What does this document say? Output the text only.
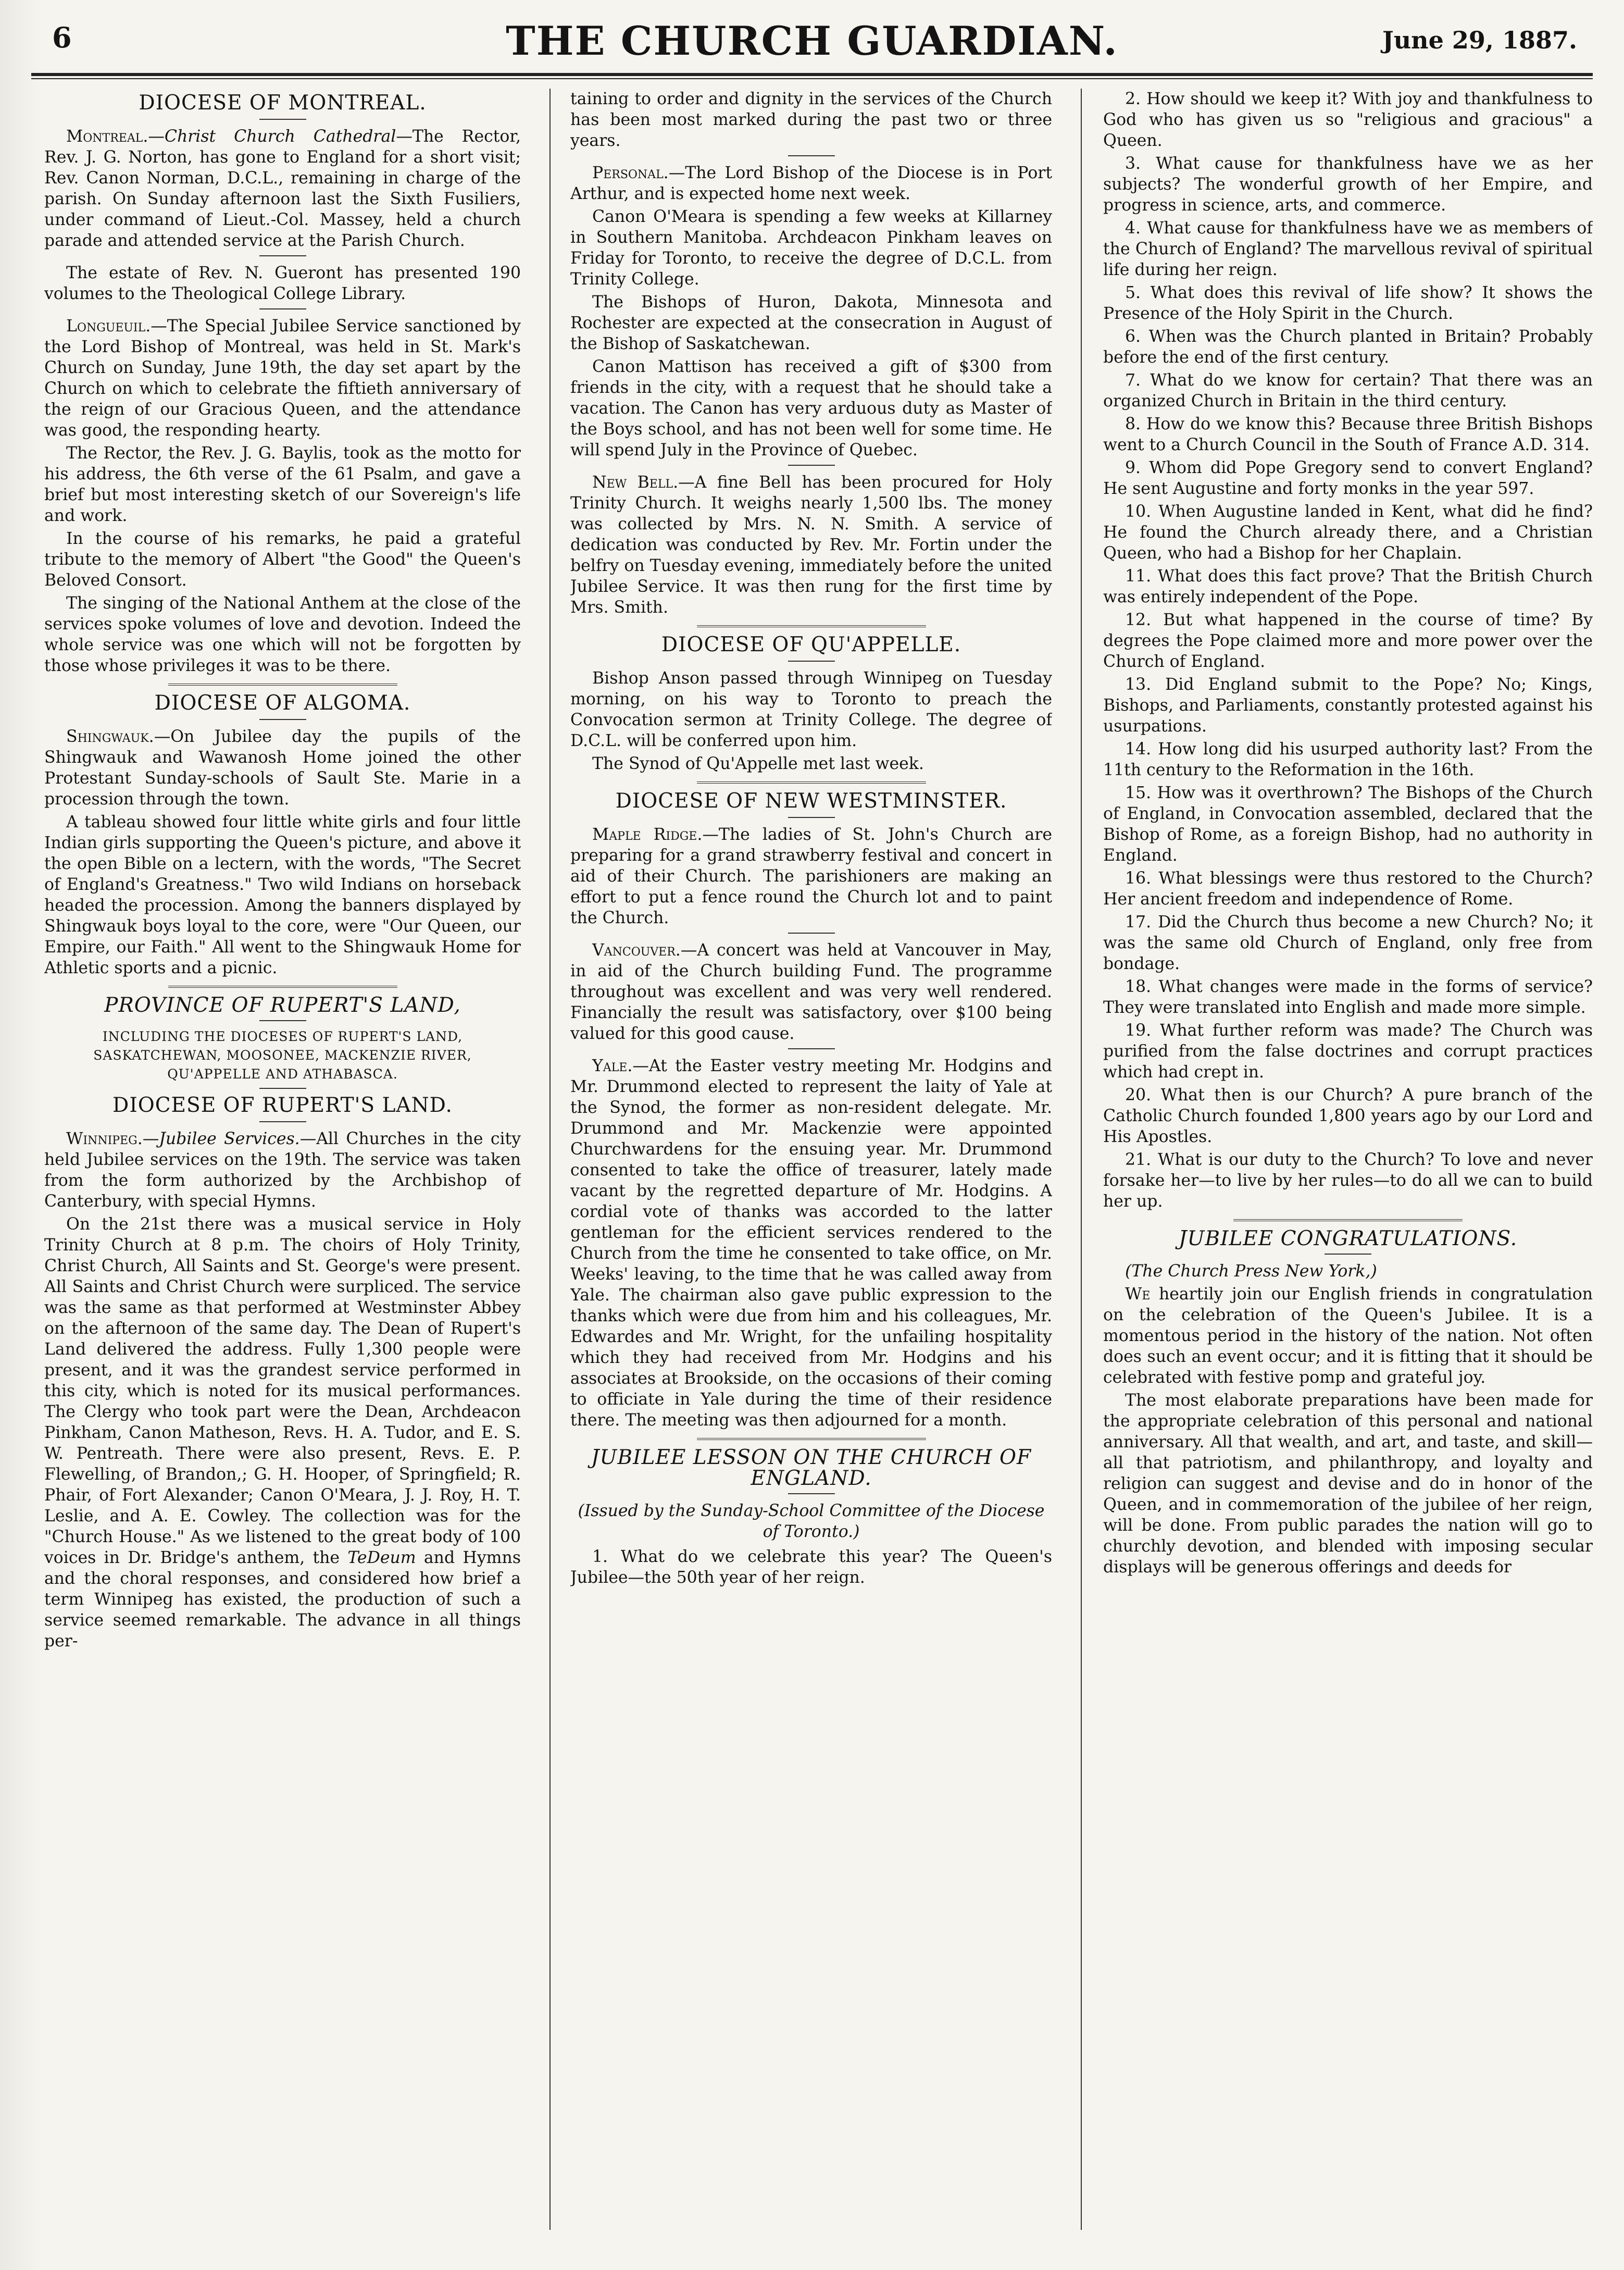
6	THE CHURCH GUARDIAN.	June 29, 1887.
DIOCESE OF MONTREAL.

Montreal.—Christ Church Cathedral—The Rector, Rev. J. G. Norton, has gone to England for a short visit; Rev. Canon Norman, D.C.L., remaining in charge of the parish. On Sunday afternoon last the Sixth Fusiliers, under command of Lieut.-Col. Massey, held a church parade and attended service at the Parish Church.

The estate of Rev. N. Gueront has presented 190 volumes to the Theological College Library.

Longueuil.—The Special Jubilee Service sanctioned by the Lord Bishop of Montreal, was held in St. Mark's Church on Sunday, June 19th, the day set apart by the Church on which to celebrate the fiftieth anniversary of the reign of our Gracious Queen, and the attendance was good, the responding hearty.

The Rector, the Rev. J. G. Baylis, took as the motto for his address, the 6th verse of the 61 Psalm, and gave a brief but most interesting sketch of our Sovereign's life and work.

In the course of his remarks, he paid a grateful tribute to the memory of Albert "the Good" the Queen's Beloved Consort.

The singing of the National Anthem at the close of the services spoke volumes of love and devotion. Indeed the whole service was one which will not be forgotten by those whose privileges it was to be there.

DIOCESE OF ALGOMA.

Shingwauk.—On Jubilee day the pupils of the Shingwauk and Wawanosh Home joined the other Protestant Sunday-schools of Sault Ste. Marie in a procession through the town.

A tableau showed four little white girls and four little Indian girls supporting the Queen's picture, and above it the open Bible on a lectern, with the words, "The Secret of England's Greatness." Two wild Indians on horseback headed the procession. Among the banners displayed by Shingwauk boys loyal to the core, were "Our Queen, our Empire, our Faith." All went to the Shingwauk Home for Athletic sports and a picnic.

PROVINCE OF RUPERT'S LAND,
INCLUDING THE DIOCESES OF RUPERT'S LAND, SASKATCHEWAN, MOOSONEE, MACKENZIE RIVER, QU'APPELLE AND ATHABASCA.
DIOCESE OF RUPERT'S LAND.

Winnipeg.—Jubilee Services.—All Churches in the city held Jubilee services on the 19th. The service was taken from the form authorized by the Archbishop of Canterbury, with special Hymns.

On the 21st there was a musical service in Holy Trinity Church at 8 p.m. The choirs of Holy Trinity, Christ Church, All Saints and St. George's were present. All Saints and Christ Church were surpliced. The service was the same as that performed at Westminster Abbey on the afternoon of the same day. The Dean of Rupert's Land delivered the address. Fully 1,300 people were present, and it was the grandest service performed in this city, which is noted for its musical performances. The Clergy who took part were the Dean, Archdeacon Pinkham, Canon Matheson, Revs. H. A. Tudor, and E. S. W. Pentreath. There were also present, Revs. E. P. Flewelling, of Brandon,; G. H. Hooper, of Springfield; R. Phair, of Fort Alexander; Canon O'Meara, J. J. Roy, H. T. Leslie, and A. E. Cowley. The collection was for the "Church House." As we listened to the great body of 100 voices in Dr. Bridge's anthem, the TeDeum and Hymns and the choral responses, and considered how brief a term Winnipeg has existed, the production of such a service seemed remarkable. The advance in all things per-

taining to order and dignity in the services of the Church has been most marked during the past two or three years.

Personal.—The Lord Bishop of the Diocese is in Port Arthur, and is expected home next week.

Canon O'Meara is spending a few weeks at Killarney in Southern Manitoba. Archdeacon Pinkham leaves on Friday for Toronto, to receive the degree of D.C.L. from Trinity College.

The Bishops of Huron, Dakota, Minnesota and Rochester are expected at the consecration in August of the Bishop of Saskatchewan.

Canon Mattison has received a gift of $300 from friends in the city, with a request that he should take a vacation. The Canon has very arduous duty as Master of the Boys school, and has not been well for some time. He will spend July in the Province of Quebec.

New Bell.—A fine Bell has been procured for Holy Trinity Church. It weighs nearly 1,500 lbs. The money was collected by Mrs. N. N. Smith. A service of dedication was conducted by Rev. Mr. Fortin under the belfry on Tuesday evening, immediately before the united Jubilee Service. It was then rung for the first time by Mrs. Smith.

DIOCESE OF QU'APPELLE.

Bishop Anson passed through Winnipeg on Tuesday morning, on his way to Toronto to preach the Convocation sermon at Trinity College. The degree of D.C.L. will be conferred upon him.

The Synod of Qu'Appelle met last week.

DIOCESE OF NEW WESTMINSTER.

Maple Ridge.—The ladies of St. John's Church are preparing for a grand strawberry festival and concert in aid of their Church. The parishioners are making an effort to put a fence round the Church lot and to paint the Church.

Vancouver.—A concert was held at Vancouver in May, in aid of the Church building Fund. The programme throughout was excellent and was very well rendered. Financially the result was satisfactory, over $100 being valued for this good cause.

Yale.—At the Easter vestry meeting Mr. Hodgins and Mr. Drummond elected to represent the laity of Yale at the Synod, the former as non-resident delegate. Mr. Drummond and Mr. Mackenzie were appointed Churchwardens for the ensuing year. Mr. Drummond consented to take the office of treasurer, lately made vacant by the regretted departure of Mr. Hodgins. A cordial vote of thanks was accorded to the latter gentleman for the efficient services rendered to the Church from the time he consented to take office, on Mr. Weeks' leaving, to the time that he was called away from Yale. The chairman also gave public expression to the thanks which were due from him and his colleagues, Mr. Edwardes and Mr. Wright, for the unfailing hospitality which they had received from Mr. Hodgins and his associates at Brookside, on the occasions of their coming to officiate in Yale during the time of their residence there. The meeting was then adjourned for a month.

JUBILEE LESSON ON THE CHURCH OF ENGLAND.
(Issued by the Sunday-School Committee of the Diocese of Toronto.)

1. What do we celebrate this year? The Queen's Jubilee—the 50th year of her reign.

2. How should we keep it? With joy and thankfulness to God who has given us so "religious and gracious" a Queen.

3. What cause for thankfulness have we as her subjects? The wonderful growth of her Empire, and progress in science, arts, and commerce.

4. What cause for thankfulness have we as members of the Church of England? The marvellous revival of spiritual life during her reign.

5. What does this revival of life show? It shows the Presence of the Holy Spirit in the Church.

6. When was the Church planted in Britain? Probably before the end of the first century.

7. What do we know for certain? That there was an organized Church in Britain in the third century.

8. How do we know this? Because three British Bishops went to a Church Council in the South of France A.D. 314.

9. Whom did Pope Gregory send to convert England? He sent Augustine and forty monks in the year 597.

10. When Augustine landed in Kent, what did he find? He found the Church already there, and a Christian Queen, who had a Bishop for her Chaplain.

11. What does this fact prove? That the British Church was entirely independent of the Pope.

12. But what happened in the course of time? By degrees the Pope claimed more and more power over the Church of England.

13. Did England submit to the Pope? No; Kings, Bishops, and Parliaments, constantly protested against his usurpations.

14. How long did his usurped authority last? From the 11th century to the Reformation in the 16th.

15. How was it overthrown? The Bishops of the Church of England, in Convocation assembled, declared that the Bishop of Rome, as a foreign Bishop, had no authority in England.

16. What blessings were thus restored to the Church? Her ancient freedom and independence of Rome.

17. Did the Church thus become a new Church? No; it was the same old Church of England, only free from bondage.

18. What changes were made in the forms of service? They were translated into English and made more simple.

19. What further reform was made? The Church was purified from the false doctrines and corrupt practices which had crept in.

20. What then is our Church? A pure branch of the Catholic Church founded 1,800 years ago by our Lord and His Apostles.

21. What is our duty to the Church? To love and never forsake her—to live by her rules—to do all we can to build her up.

JUBILEE CONGRATULATIONS.

(The Church Press New York,)

We heartily join our English friends in congratulation on the celebration of the Queen's Jubilee. It is a momentous period in the history of the nation. Not often does such an event occur; and it is fitting that it should be celebrated with festive pomp and grateful joy.

The most elaborate preparations have been made for the appropriate celebration of this personal and national anniversary. All that wealth, and art, and taste, and skill—all that patriotism, and philanthropy, and loyalty and religion can suggest and devise and do in honor of the Queen, and in commemoration of the jubilee of her reign, will be done. From public parades the nation will go to churchly devotion, and blended with imposing secular displays will be generous offerings and deeds for
